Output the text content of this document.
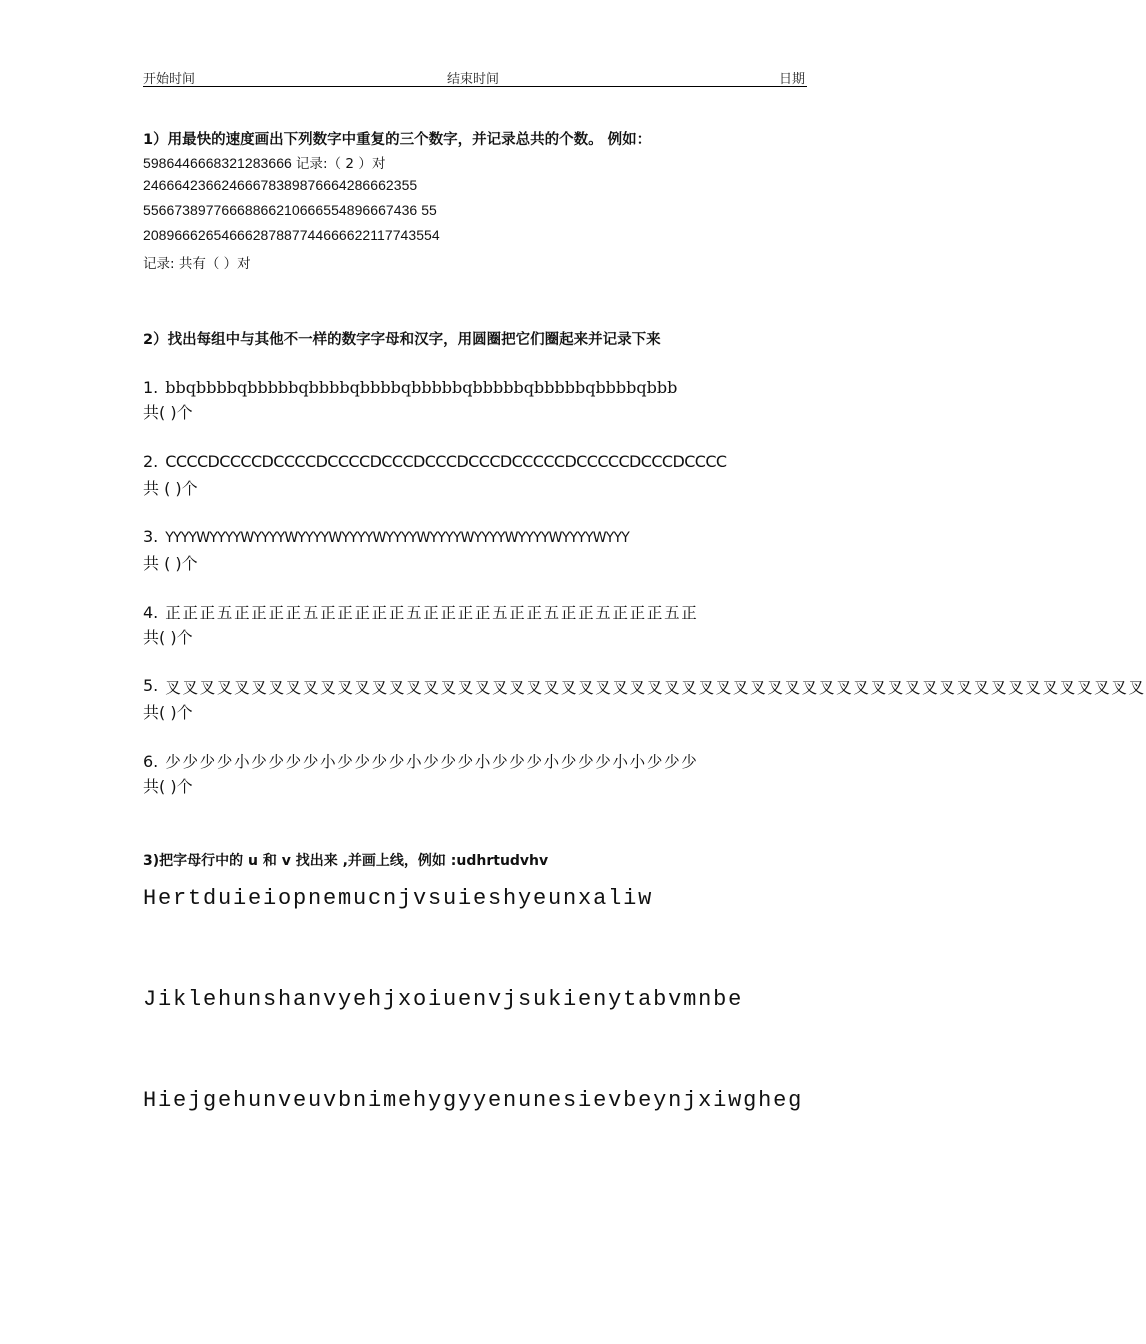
开始时间	结束时间	日期
1）用最快的速度画出下列数字中重复的三个数字，并记录总共的个数。 例如：
5986446668321283666 记录:（ 2 ）对
24666423662466678389876664286662355
55667389776668866210666554896667436 55
20896662654666287887744666622117743554
记录: 共有（ ）对
2）找出每组中与其他不一样的数字字母和汉字，用圆圈把它们圈起来并记录下来
1. bbqbbbbqbbbbbqbbbbqbbbbqbbbbbqbbbbbqbbbbbqbbbbqbbb
共( )个
2. CCCCDCCCCDCCCCDCCCCDCCCDCCCDCCCDCCCCCDCCCCCDCCCDCCCC
共 ( )个
3. YYYYWYYYYWYYYYWYYYYWYYYYWYYYYWYYYYWYYYYWYYYYWYYYYWYYY
共 ( )个
4. 正正正五正正正正五正正正正正五正正正正五正正五正正五正正正五正
共( )个
5. 叉叉叉叉叉叉叉叉叉叉叉叉叉叉叉叉叉叉叉叉叉叉叉叉叉叉叉叉叉叉叉叉叉叉叉叉叉叉叉叉叉叉叉叉叉叉叉叉叉叉叉叉叉叉叉叉叉
共( )个
6. 少少少少小少少少少小少少少少小少少少小少少少小少少少小小少少少
共( )个
3)把字母行中的 u 和 v 找出来 ,并画上线，例如 :udhrtudvhv
Hertduieiopnemucnjvsuieshyeunxaliw
Jiklehunshanvyehjxoiuenvjsukienytabvmnbe
Hiejgehunveuvbnimehygyyenunesievbeynjxiwgheg
